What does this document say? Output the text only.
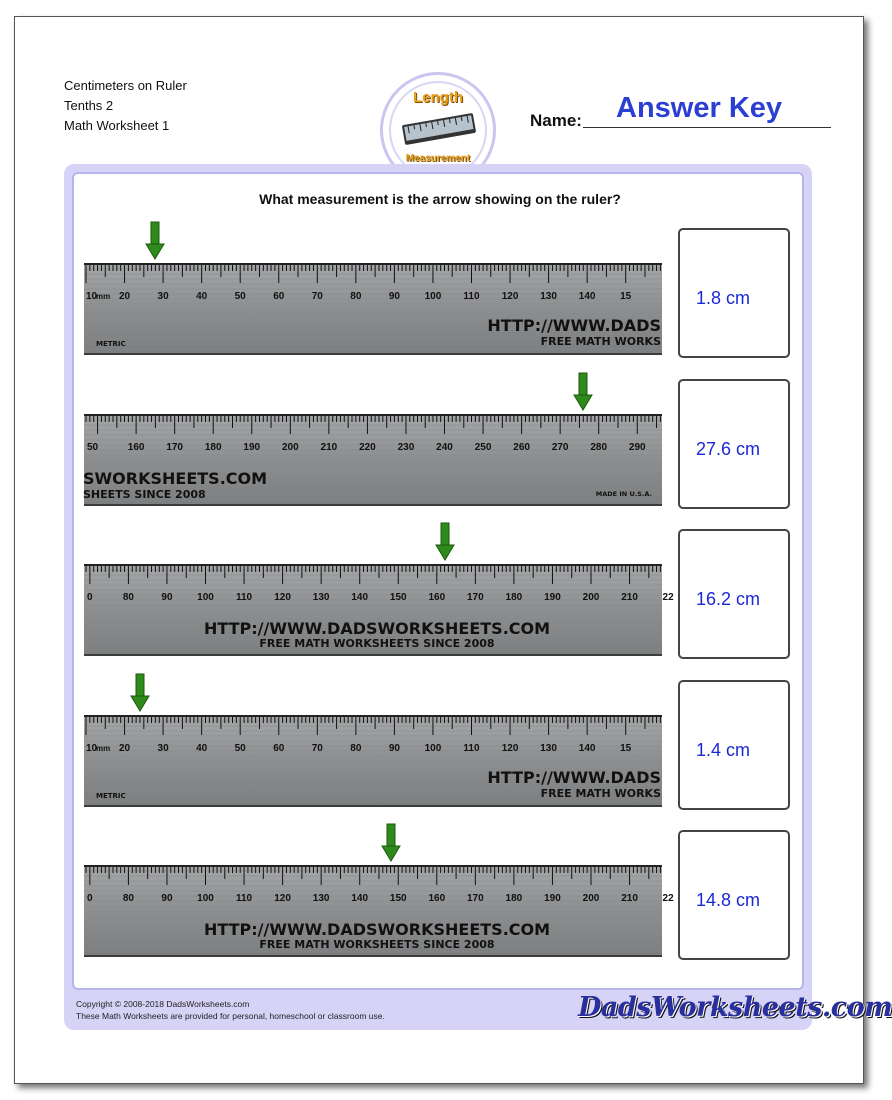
Centimeters on Ruler
Tenths 2
Math Worksheet 1
Length
Measurement
Answer Key
Name:
What measurement is the arrow showing on the ruler?
1.8 cm
mm
10 20	30	40	50	60	70	80	90 100 110 120 130 140 15
HTTP://WWW.DADS
FREE MATH WORKS
METRIC
27.6 cm
50	160 170 180 190 200 210 220 230 240 250 260 270 280 290
SWORKSHEETS.COM
SHEETS SINCE 2008	MADE IN U.S.A.
16.2 cm
0	80	90 100 110 120 130 140 150 160 170 180 190 200 210 22
HTTP://WWW.DADSWORKSHEETS.COM
FREE MATH WORKSHEETS SINCE 2008
1.4 cm
mm
10 20	30	40	50	60	70	80	90 100 110 120 130 140 15
HTTP://WWW.DADS
FREE MATH WORKS
METRIC
14.8 cm
0	80	90 100 110 120 130 140 150 160 170 180 190 200 210 22
HTTP://WWW.DADSWORKSHEETS.COM
FREE MATH WORKSHEETS SINCE 2008
Copyright © 2008-2018 DadsWorksheets.com
These Math Worksheets are provided for personal, homeschool or classroom use.	DadsWorksheets.com
